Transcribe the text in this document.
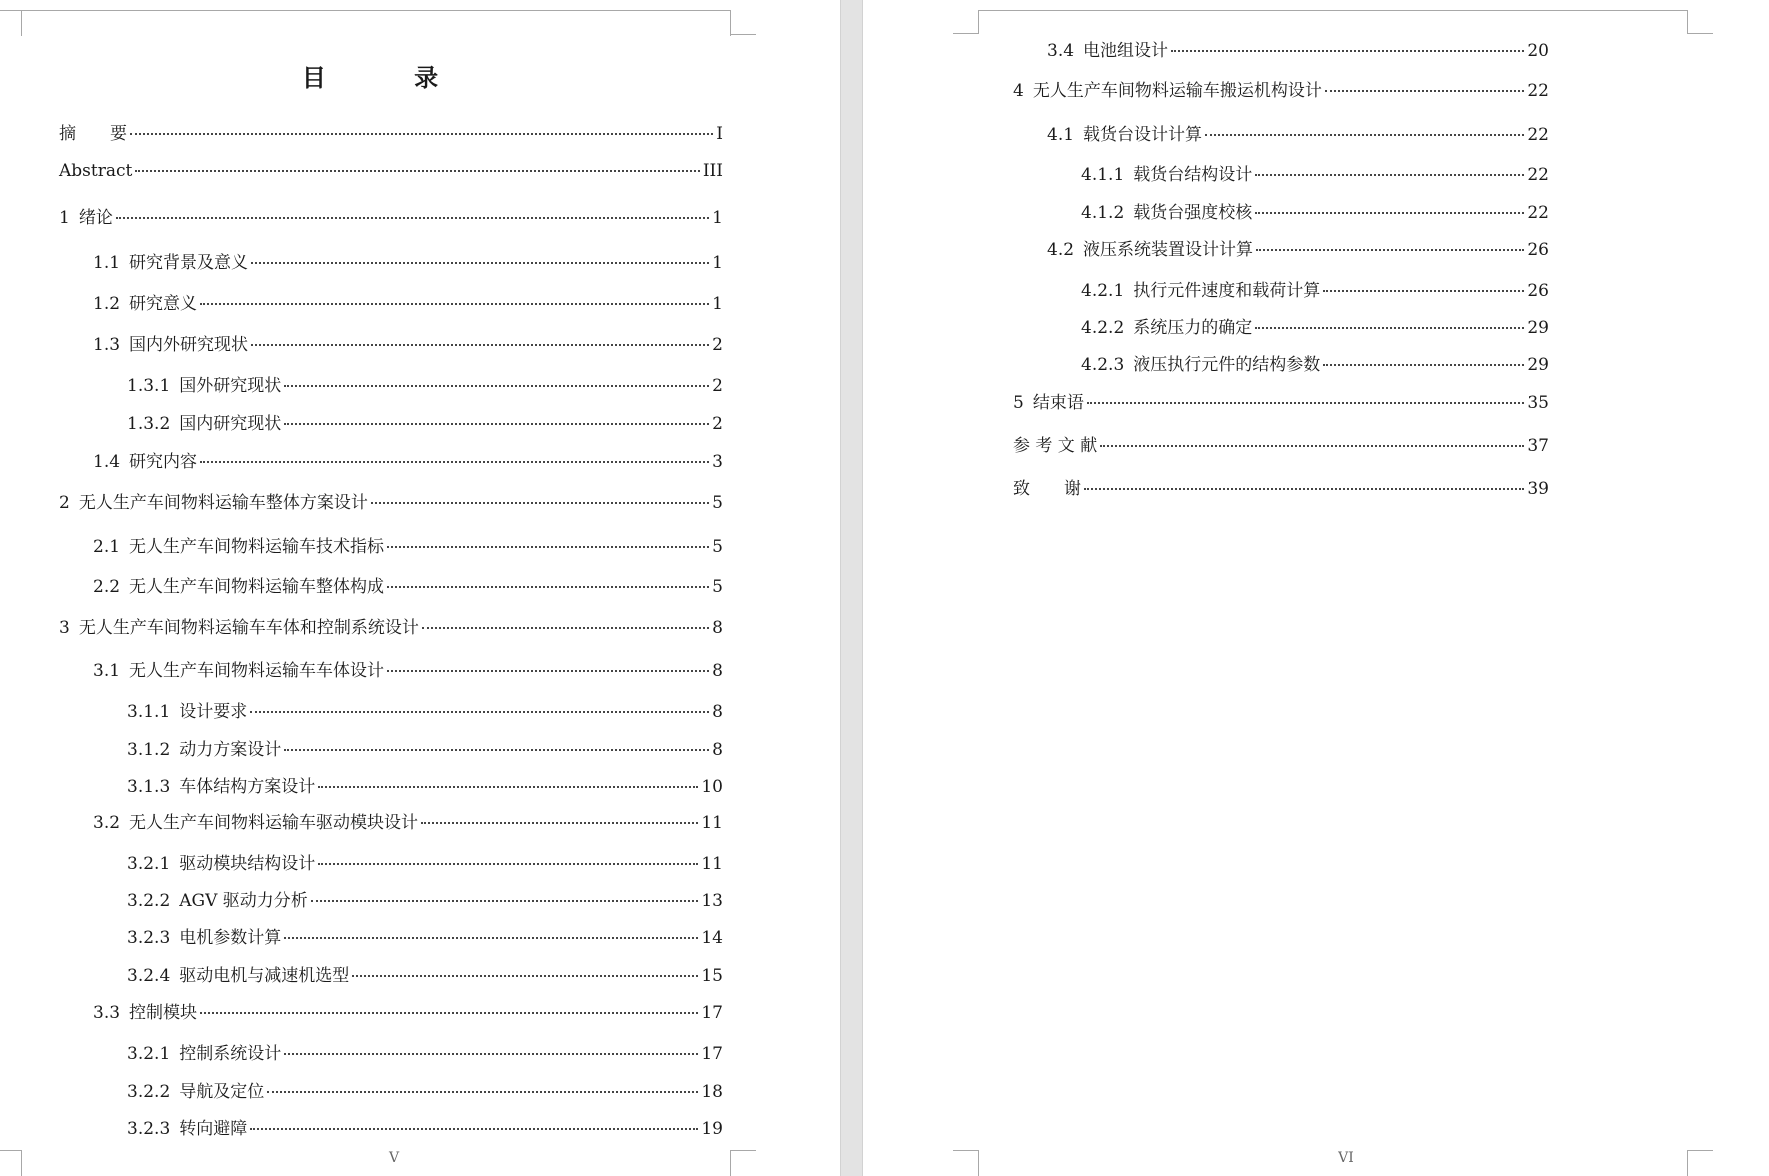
目 录
摘　　要	I
Abstract	III
1 绪论	1
1.1 研究背景及意义	1
1.2 研究意义	1
1.3 国内外研究现状	2
1.3.1 国外研究现状	2
1.3.2 国内研究现状	2
1.4 研究内容	3
2 无人生产车间物料运输车整体方案设计	5
2.1 无人生产车间物料运输车技术指标	5
2.2 无人生产车间物料运输车整体构成	5
3 无人生产车间物料运输车车体和控制系统设计	8
3.1 无人生产车间物料运输车车体设计	8
3.1.1 设计要求	8
3.1.2 动力方案设计	8
3.1.3 车体结构方案设计	10
3.2 无人生产车间物料运输车驱动模块设计	11
3.2.1 驱动模块结构设计	11
3.2.2 AGV 驱动力分析	13
3.2.3 电机参数计算	14
3.2.4 驱动电机与减速机选型	15
3.3 控制模块	17
3.2.1 控制系统设计	17
3.2.2 导航及定位	18
3.2.3 转向避障	19
V
3.4 电池组设计	20
4 无人生产车间物料运输车搬运机构设计	22
4.1 载货台设计计算	22
4.1.1 载货台结构设计	22
4.1.2 载货台强度校核	22
4.2 液压系统装置设计计算	26
4.2.1 执行元件速度和载荷计算	26
4.2.2 系统压力的确定	29
4.2.3 液压执行元件的结构参数	29
5 结束语	35
参 考 文 献	37
致　　谢	39
VI
